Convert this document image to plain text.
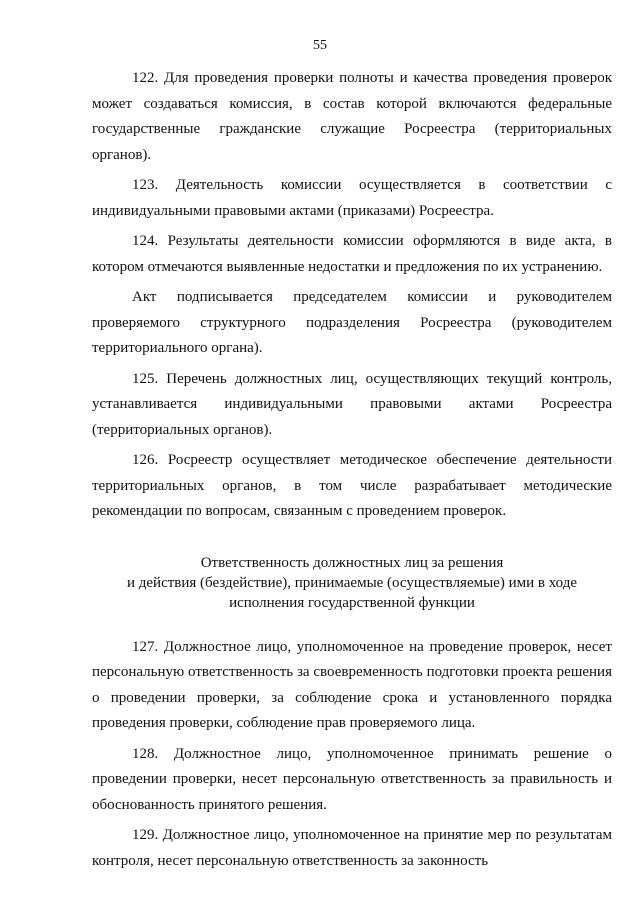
55

122. Для проведения проверки полноты и качества проведения проверок может создаваться комиссия, в состав которой включаются федеральные государственные гражданские служащие Росреестра (территориальных органов).

123. Деятельность комиссии осуществляется в соответствии с индивидуальными правовыми актами (приказами) Росреестра.

124. Результаты деятельности комиссии оформляются в виде акта, в котором отмечаются выявленные недостатки и предложения по их устранению.

Акт подписывается председателем комиссии и руководителем проверяемого структурного подразделения Росреестра (руководителем территориального органа).

125. Перечень должностных лиц, осуществляющих текущий контроль, устанавливается индивидуальными правовыми актами Росреестра (территориальных органов).

126. Росреестр осуществляет методическое обеспечение деятельности территориальных органов, в том числе разрабатывает методические рекомендации по вопросам, связанным с проведением проверок.

Ответственность должностных лиц за решения
и действия (бездействие), принимаемые (осуществляемые) ими в ходе
исполнения государственной функции

127. Должностное лицо, уполномоченное на проведение проверок, несет персональную ответственность за своевременность подготовки проекта решения о проведении проверки, за соблюдение срока и установленного порядка проведения проверки, соблюдение прав проверяемого лица.

128. Должностное лицо, уполномоченное принимать решение о проведении проверки, несет персональную ответственность за правильность и обоснованность принятого решения.

129. Должностное лицо, уполномоченное на принятие мер по результатам контроля, несет персональную ответственность за законность
